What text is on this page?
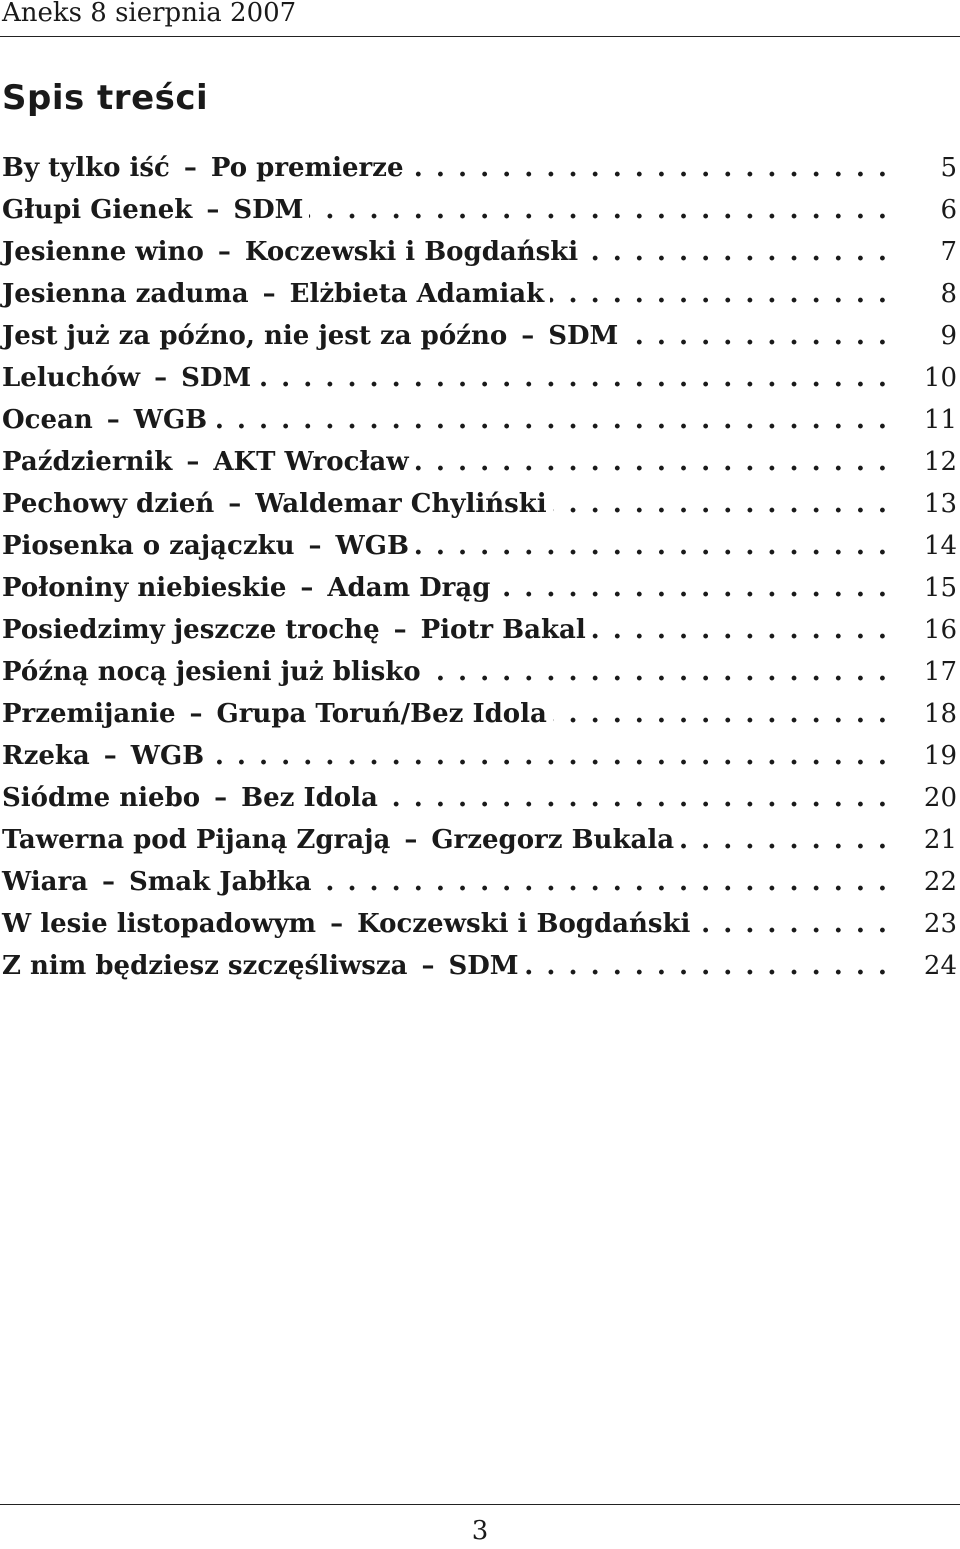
Aneks 8 sierpnia 2007
Spis treści
By tylko iść – Po premierze . . .	5
Głupi Gienek – SDM . . .	6
Jesienne wino – Koczewski i Bogdański . . .	7
Jesienna zaduma – Elżbieta Adamiak . . .	8
Jest już za późno, nie jest za późno – SDM . . .	9
Leluchów – SDM . . .	10
Ocean – WGB . . .	11
Październik – AKT Wrocław . . .	12
Pechowy dzień – Waldemar Chyliński . . .	13
Piosenka o zajączku – WGB . . .	14
Połoniny niebieskie – Adam Drąg . . .	15
Posiedzimy jeszcze trochę – Piotr Bakal . . .	16
Późną nocą jesieni już blisko . . .	17
Przemijanie – Grupa Toruń/Bez Idola . . .	18
Rzeka – WGB . . .	19
Siódme niebo – Bez Idola . . .	20
Tawerna pod Pijaną Zgrają – Grzegorz Bukala . . .	21
Wiara – Smak Jabłka . . .	22
W lesie listopadowym – Koczewski i Bogdański . . .	23
Z nim będziesz szczęśliwsza – SDM . . .	24
3
